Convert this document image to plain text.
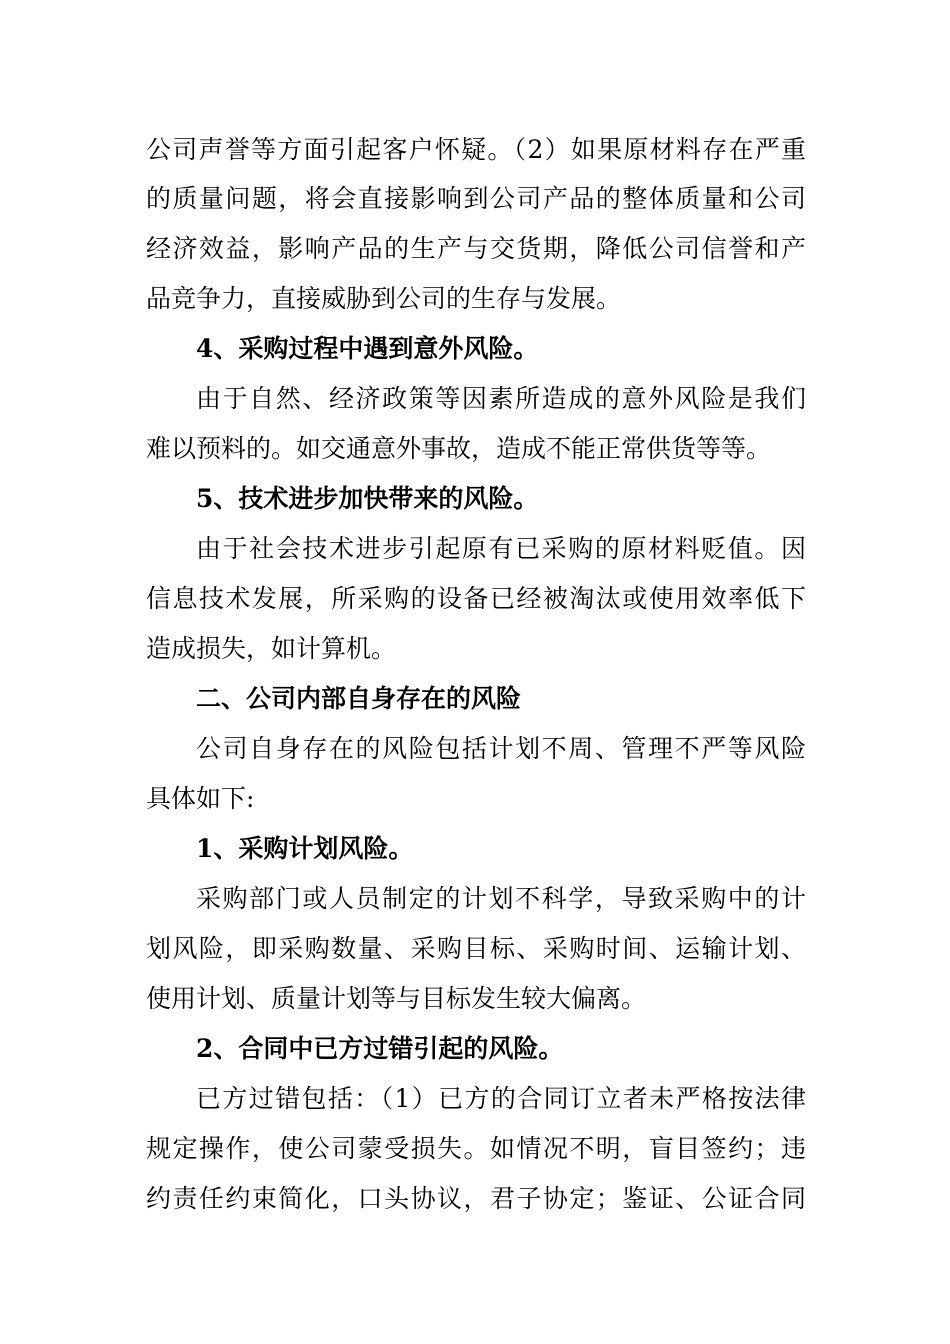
公司声誉等方面引起客户怀疑。（2）如果原材料存在严重
的质量问题，将会直接影响到公司产品的整体质量和公司
经济效益，影响产品的生产与交货期，降低公司信誉和产
品竞争力，直接威胁到公司的生存与发展。
4、采购过程中遇到意外风险。
由于自然、经济政策等因素所造成的意外风险是我们
难以预料的。如交通意外事故，造成不能正常供货等等。
5、技术进步加快带来的风险。
由于社会技术进步引起原有已采购的原材料贬值。因
信息技术发展，所采购的设备已经被淘汰或使用效率低下
造成损失，如计算机。
二、公司内部自身存在的风险
公司自身存在的风险包括计划不周、管理不严等风险
具体如下:
1、采购计划风险。
采购部门或人员制定的计划不科学，导致采购中的计
划风险，即采购数量、采购目标、采购时间、运输计划、
使用计划、质量计划等与目标发生较大偏离。
2、合同中已方过错引起的风险。
已方过错包括：（1）已方的合同订立者未严格按法律
规定操作，使公司蒙受损失。如情况不明，盲目签约；违
约责任约束简化，口头协议，君子协定；鉴证、公证合同
